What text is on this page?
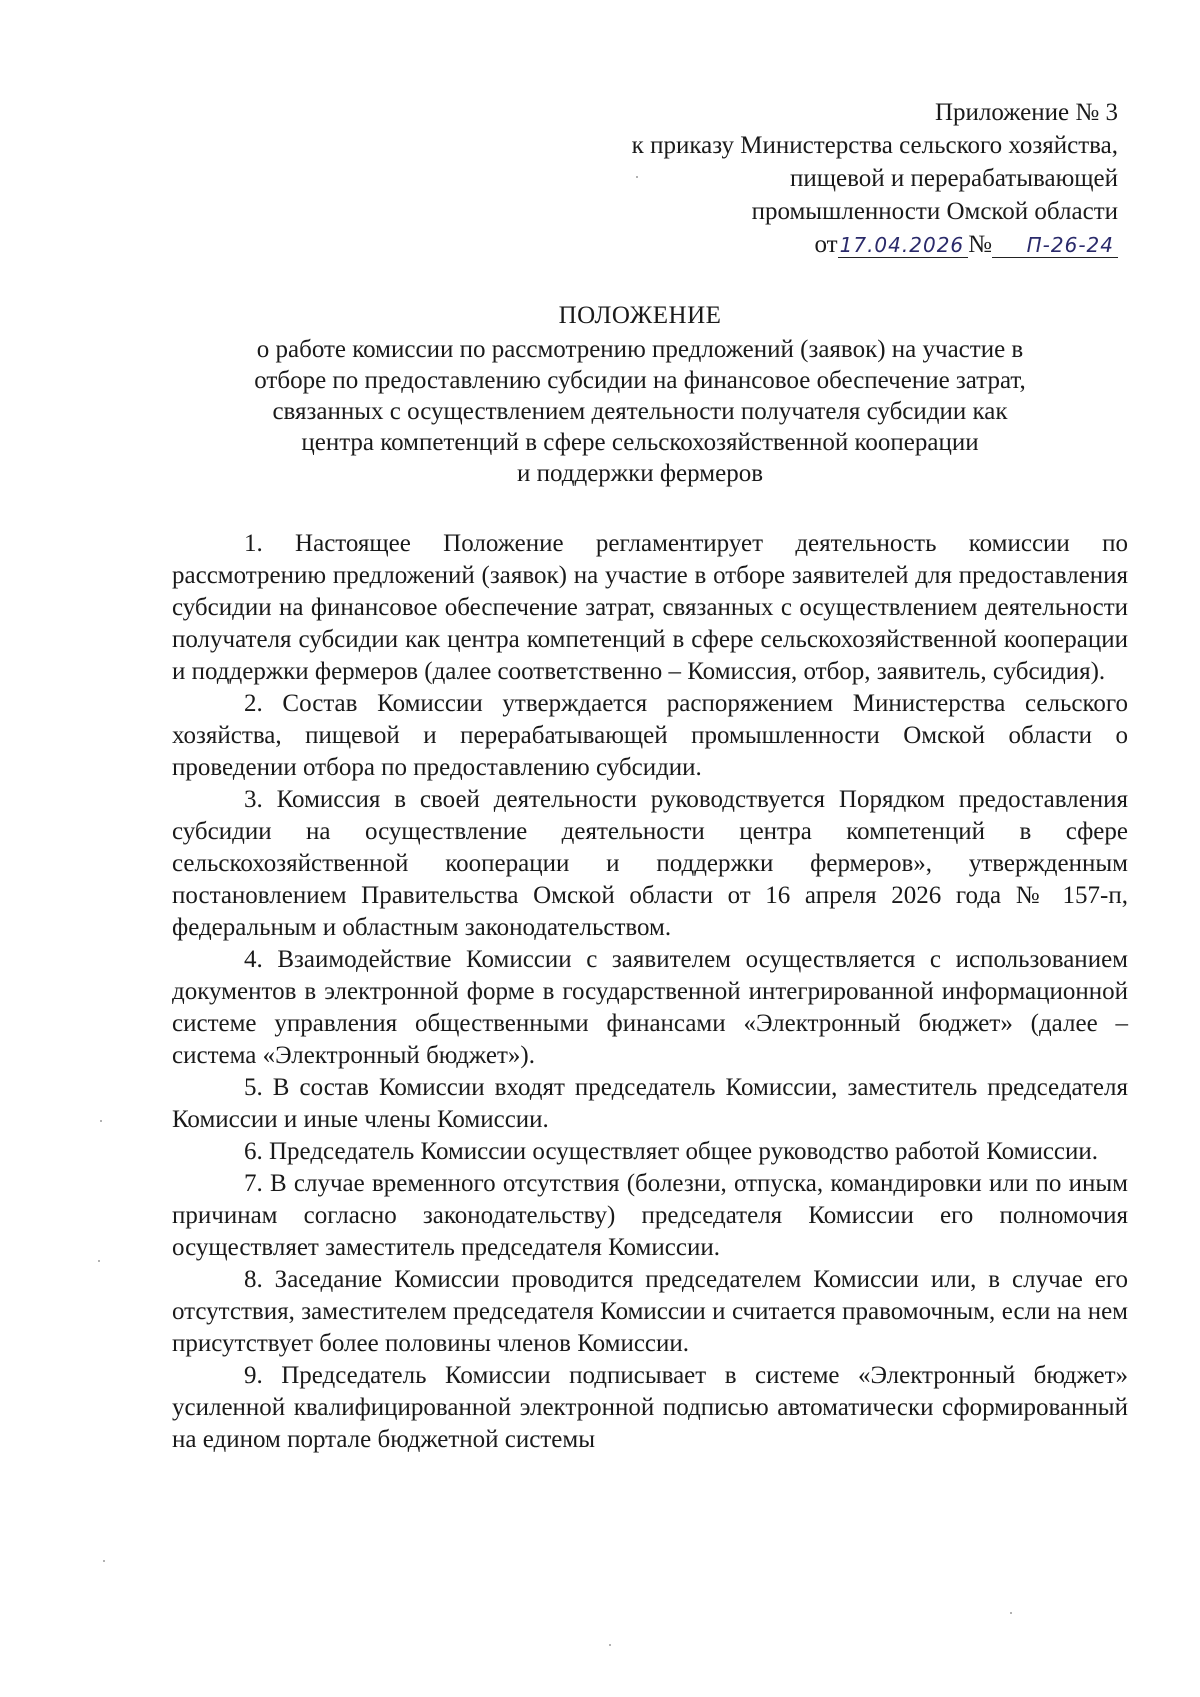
Приложение № 3
к приказу Министерства сельского хозяйства,
пищевой и перерабатывающей
промышленности Омской области
от 17.04.2026 № П-26-24
ПОЛОЖЕНИЕ
о работе комиссии по рассмотрению предложений (заявок) на участие в
отборе по предоставлению субсидии на финансовое обеспечение затрат,
связанных с осуществлением деятельности получателя субсидии как
центра компетенций в сфере сельскохозяйственной кооперации
и поддержки фермеров

1. Настоящее Положение регламентирует деятельность комиссии по рассмотрению предложений (заявок) на участие в отборе заявителей для предоставления субсидии на финансовое обеспечение затрат, связанных с осуществлением деятельности получателя субсидии как центра компетенций в сфере сельскохозяйственной кооперации и поддержки фермеров (далее соответственно – Комиссия, отбор, заявитель, субсидия).

2. Состав Комиссии утверждается распоряжением Министерства сельского хозяйства, пищевой и перерабатывающей промышленности Омской области о проведении отбора по предоставлению субсидии.

3. Комиссия в своей деятельности руководствуется Порядком предоставления субсидии на осуществление деятельности центра компетенций в сфере сельскохозяйственной кооперации и поддержки фермеров», утвержденным постановлением Правительства Омской области от 16 апреля 2026 года № 157-п, федеральным и областным законодательством.

4. Взаимодействие Комиссии с заявителем осуществляется с использованием документов в электронной форме в государственной интегрированной информационной системе управления общественными финансами «Электронный бюджет» (далее – система «Электронный бюджет»).

5. В состав Комиссии входят председатель Комиссии, заместитель председателя Комиссии и иные члены Комиссии.

6. Председатель Комиссии осуществляет общее руководство работой Комиссии.

7. В случае временного отсутствия (болезни, отпуска, командировки или по иным причинам согласно законодательству) председателя Комиссии его полномочия осуществляет заместитель председателя Комиссии.

8. Заседание Комиссии проводится председателем Комиссии или, в случае его отсутствия, заместителем председателя Комиссии и считается правомочным, если на нем присутствует более половины членов Комиссии.

9. Председатель Комиссии подписывает в системе «Электронный бюджет» усиленной квалифицированной электронной подписью автоматически сформированный на едином портале бюджетной системы
